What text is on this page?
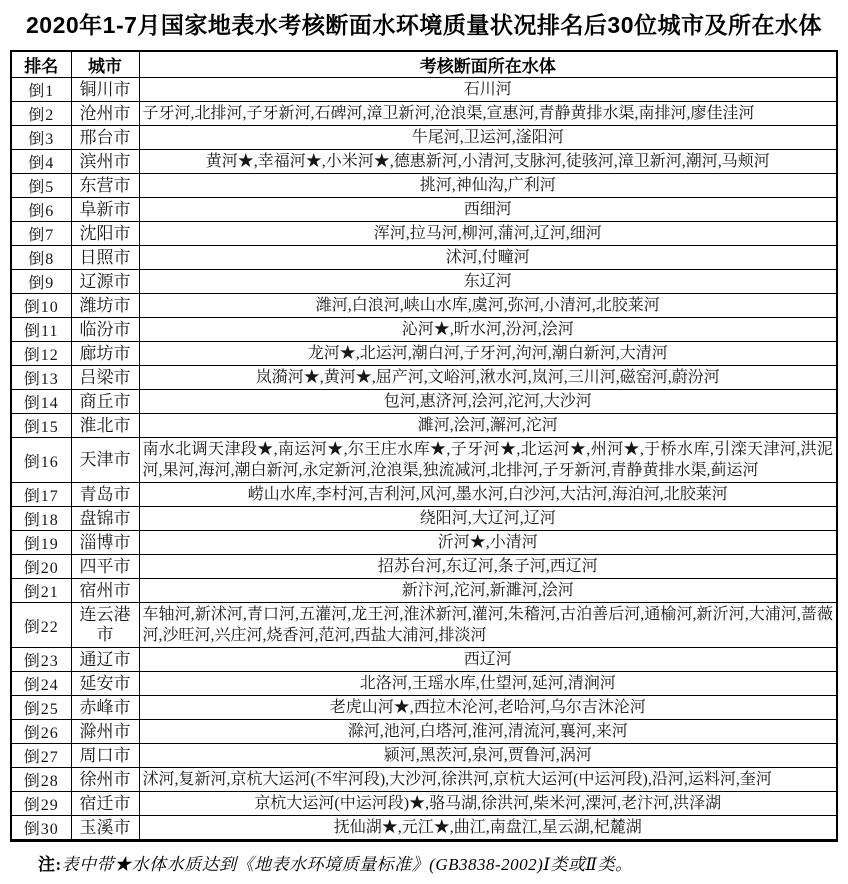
2020年1-7月国家地表水考核断面水环境质量状况排名后30位城市及所在水体
排名	城市	考核断面所在水体
倒1	铜川市	石川河
倒2	沧州市	子牙河,北排河,子牙新河,石碑河,漳卫新河,沧浪渠,宣惠河,青静黄排水渠,南排河,廖佳洼河
倒3	邢台市	牛尾河,卫运河,滏阳河
倒4	滨州市	黄河★,幸福河★,小米河★,德惠新河,小清河,支脉河,徒骇河,漳卫新河,潮河,马颊河
倒5	东营市	挑河,神仙沟,广利河
倒6	阜新市	西细河
倒7	沈阳市	浑河,拉马河,柳河,蒲河,辽河,细河
倒8	日照市	沭河,付疃河
倒9	辽源市	东辽河
倒10	潍坊市	潍河,白浪河,峡山水库,虞河,弥河,小清河,北胶莱河
倒11	临汾市	沁河★,昕水河,汾河,浍河
倒12	廊坊市	龙河★,北运河,潮白河,子牙河,泃河,潮白新河,大清河
倒13	吕梁市	岚漪河★,黄河★,屈产河,文峪河,湫水河,岚河,三川河,磁窑河,蔚汾河
倒14	商丘市	包河,惠济河,浍河,沱河,大沙河
倒15	淮北市	濉河,浍河,澥河,沱河
倒16	天津市	南水北调天津段★,南运河★,尔王庄水库★,子牙河★,北运河★,州河★,于桥水库,引滦天津河,洪泥河,果河,海河,潮白新河,永定新河,沧浪渠,独流减河,北排河,子牙新河,青静黄排水渠,蓟运河
倒17	青岛市	崂山水库,李村河,吉利河,风河,墨水河,白沙河,大沽河,海泊河,北胶莱河
倒18	盘锦市	绕阳河,大辽河,辽河
倒19	淄博市	沂河★,小清河
倒20	四平市	招苏台河,东辽河,条子河,西辽河
倒21	宿州市	新汴河,沱河,新濉河,浍河
倒22	连云港市	车轴河,新沭河,青口河,五灌河,龙王河,淮沭新河,灌河,朱稽河,古泊善后河,通榆河,新沂河,大浦河,蔷薇河,沙旺河,兴庄河,烧香河,范河,西盐大浦河,排淡河
倒23	通辽市	西辽河
倒24	延安市	北洛河,王瑶水库,仕望河,延河,清涧河
倒25	赤峰市	老虎山河★,西拉木沦河,老哈河,乌尔吉沐沦河
倒26	滁州市	滁河,池河,白塔河,淮河,清流河,襄河,来河
倒27	周口市	颍河,黑茨河,泉河,贾鲁河,涡河
倒28	徐州市	沭河,复新河,京杭大运河(不牢河段),大沙河,徐洪河,京杭大运河(中运河段),沿河,运料河,奎河
倒29	宿迁市	京杭大运河(中运河段)★,骆马湖,徐洪河,柴米河,溧河,老汴河,洪泽湖
倒30	玉溪市	抚仙湖★,元江★,曲江,南盘江,星云湖,杞麓湖

注:表中带★水体水质达到《地表水环境质量标准》(GB3838-2002)Ⅰ类或Ⅱ类。
